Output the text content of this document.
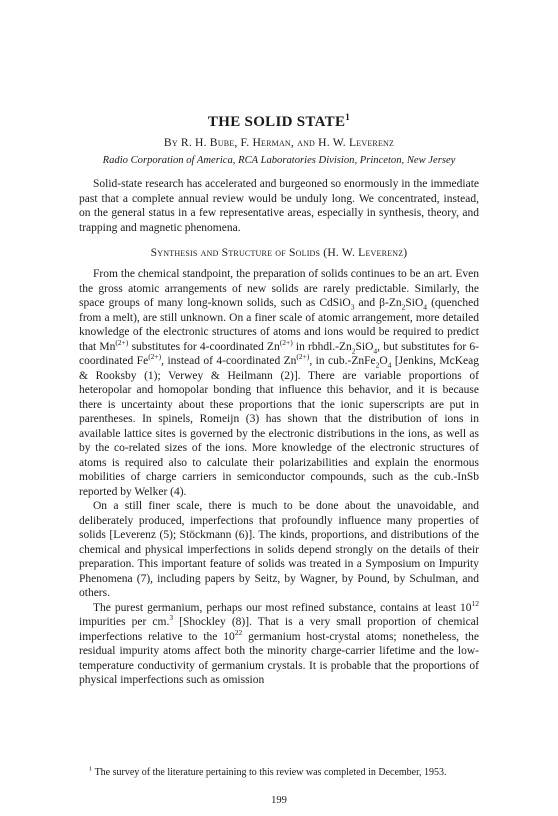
THE SOLID STATE$^1$
By R. H. Bube, F. Herman, and H. W. Leverenz
Radio Corporation of America, RCA Laboratories Division, Princeton, New Jersey

Solid-state research has accelerated and burgeoned so enormously in the immediate past that a complete annual review would be unduly long. We concentrated, instead, on the general status in a few representative areas, especially in synthesis, theory, and trapping and magnetic phenomena.

Synthesis and Structure of Solids (H. W. Leverenz)

From the chemical standpoint, the preparation of solids continues to be an art. Even the gross atomic arrangements of new solids are rarely predictable. Similarly, the space groups of many long-known solids, such as CdSiO$_3$ and $\beta-Zn_2SiO_4$ (quenched from a melt), are still unknown. On a finer scale of atomic arrangement, more detailed knowledge of the electronic structures of atoms and ions would be required to predict that $Mn^{(2+)}$ substitutes for 4-coordinated $Zn^{(2+)}$ in $rbhdl.-Zn_2SiO_4$, but substitutes for 6-coordinated $Fe^{(2+)}$, instead of 4-coordinated $Zn^{(2+)}$, in $cub.-ZnFe_2O_4$ [Jenkins, McKeag & Rooksby (1); Verwey & Heilmann (2)]. There are variable proportions of heteropolar and homopolar bonding that influence this behavior, and it is because there is uncertainty about these proportions that the ionic superscripts are put in parentheses. In spinels, Romeijn (3) has shown that the distribution of ions in available lattice sites is governed by the electronic distributions in the ions, as well as by the co-related sizes of the ions. More knowledge of the electronic structures of atoms is required also to calculate their polarizabilities and explain the enormous mobilities of charge carriers in semiconductor compounds, such as the cub.-InSb reported by Welker (4).

On a still finer scale, there is much to be done about the unavoidable, and deliberately produced, imperfections that profoundly influence many properties of solids [Leverenz (5); Stöckmann (6)]. The kinds, proportions, and distributions of the chemical and physical imperfections in solids depend strongly on the details of their preparation. This important feature of solids was treated in a Symposium on Impurity Phenomena (7), including papers by Seitz, by Wagner, by Pound, by Schulman, and others.

The purest germanium, perhaps our most refined substance, contains at least $10^{12}$ impurities per cm.$^3$ [Shockley (8)]. That is a very small proportion of chemical imperfections relative to the $10^{22}$ germanium host-crystal atoms; nonetheless, the residual impurity atoms affect both the minority charge-carrier lifetime and the low-temperature conductivity of germanium crystals. It is probable that the proportions of physical imperfections such as omission

$^1$ The survey of the literature pertaining to this review was completed in December, 1953.
199
